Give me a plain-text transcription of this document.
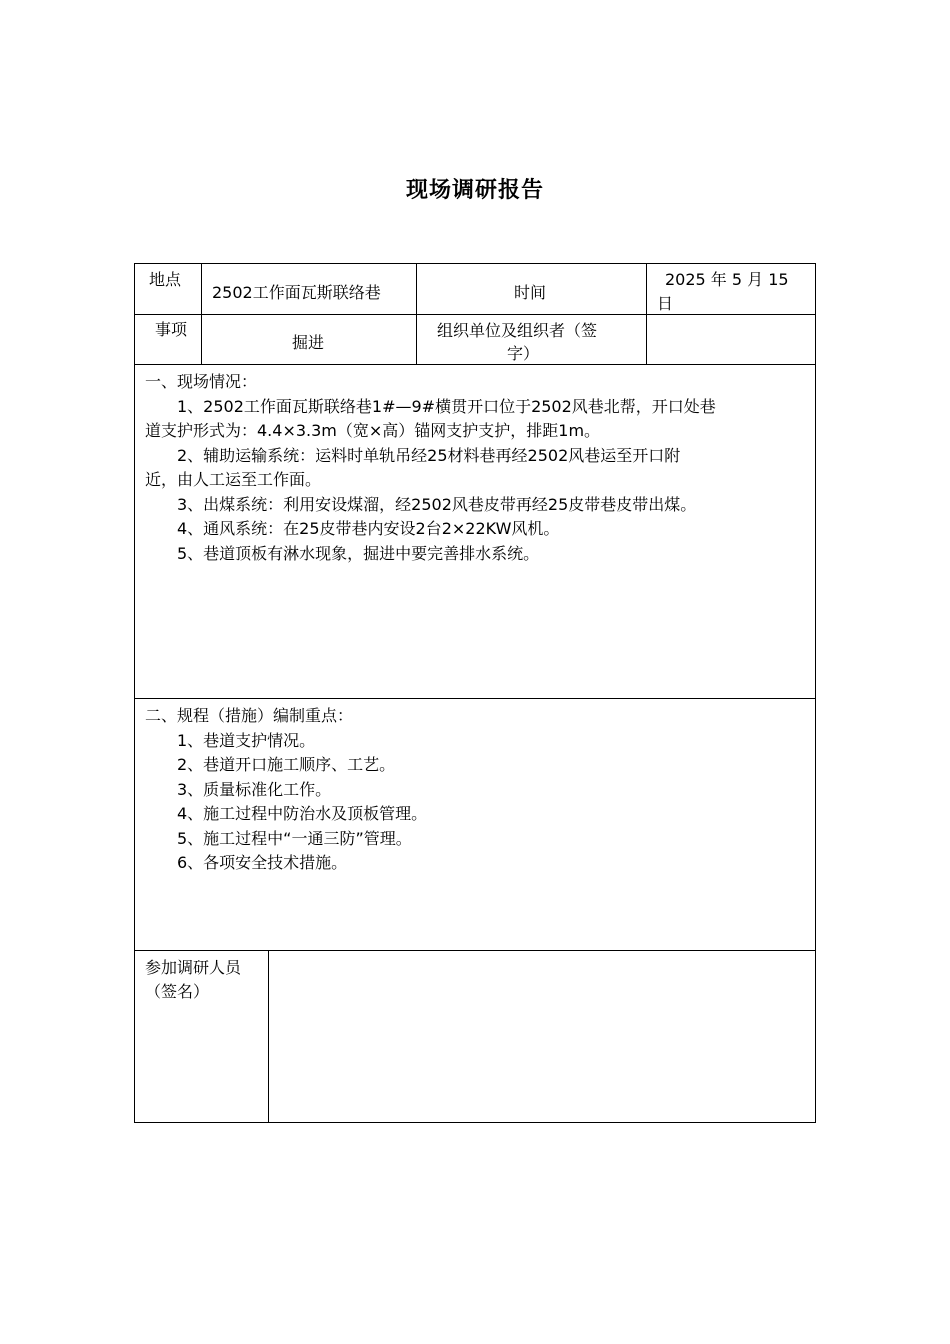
现场调研报告
地点
2502工作面瓦斯联络巷	时间
2025 年 5 月 15
日
事项
掘进
组织单位及组织者（签
字）

一、现场情况：

　　1、2502工作面瓦斯联络巷1#—9#横贯开口位于2502风巷北帮，开口处巷

道支护形式为：4.4×3.3m（宽×高）锚网支护支护，排距1m。

　　2、辅助运输系统：运料时单轨吊经25材料巷再经2502风巷运至开口附

近，由人工运至工作面。

　　3、出煤系统：利用安设煤溜，经2502风巷皮带再经25皮带巷皮带出煤。

　　4、通风系统：在25皮带巷内安设2台2×22KW风机。

　　5、巷道顶板有淋水现象，掘进中要完善排水系统。

二、规程（措施）编制重点：

　　1、巷道支护情况。

　　2、巷道开口施工顺序、工艺。

　　3、质量标准化工作。

　　4、施工过程中防治水及顶板管理。

　　5、施工过程中“一通三防”管理。

　　6、各项安全技术措施。

参加调研人员
（签名）
